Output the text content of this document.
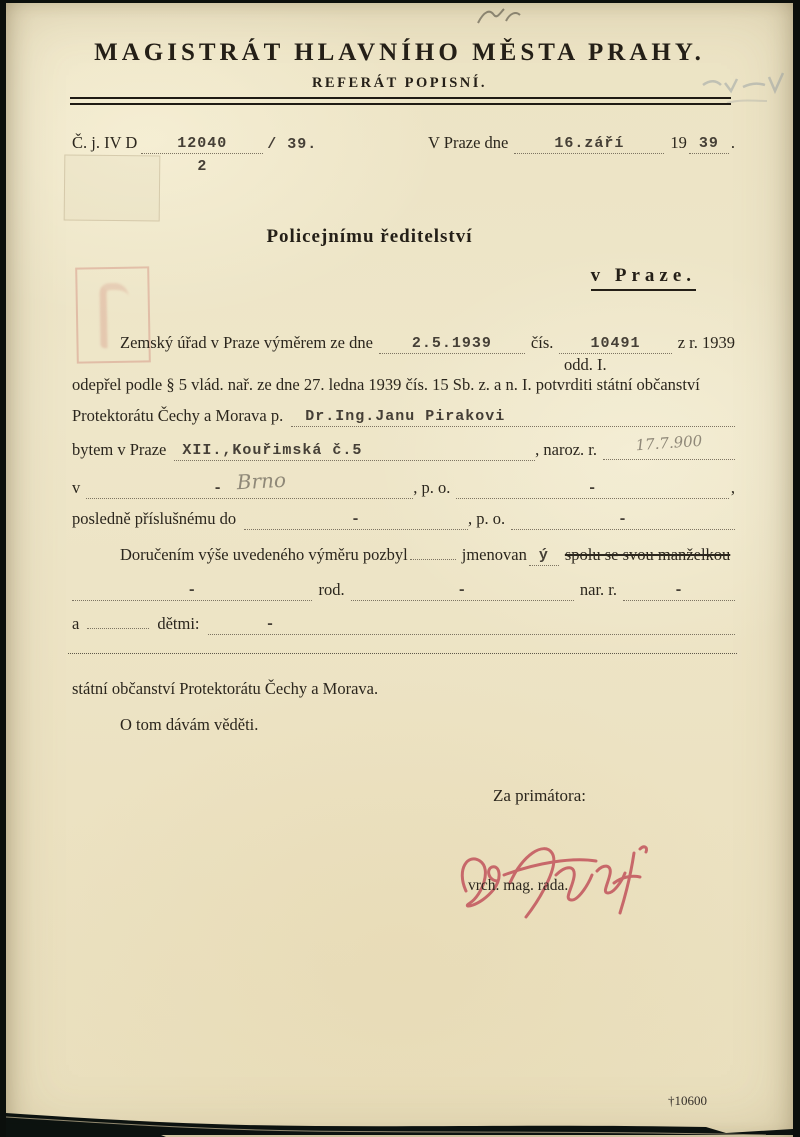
MAGISTRÁT HLAVNÍHO MĚSTA PRAHY.
REFERÁT POPISNÍ.
Č. j. IV D	12040
2
/ 39.	V Praze dne	16.září	19 39 .
Policejnímu ředitelství
v Praze.
Zemský úřad v Praze výměrem ze dne	2.5.1939 čís. 10491 z r. 1939
odd. I.
odepřel podle § 5 vlád. nař. ze dne 27. ledna 1939 čís. 15 Sb. z. a n. I. potvrditi státní občanství
Protektorátu Čechy a Morava p. Dr.Ing.Janu Pirakovi
bytem v Praze XII.,Kouřimská č.5	, naroz. r.	17.7.900
v	- Brno	, p. o.	-	,
posledně příslušnému do	-	, p. o.	-
Doručením výše uvedeného výměru pozbyl	jmenovan ý spolu se svou manželkou
-	rod.	-	nar. r.	-
a	dětmi:	-
státní občanství Protektorátu Čechy a Morava.
O tom dávám věděti.
Za primátora:
vrch. mag. rada.
†10600
